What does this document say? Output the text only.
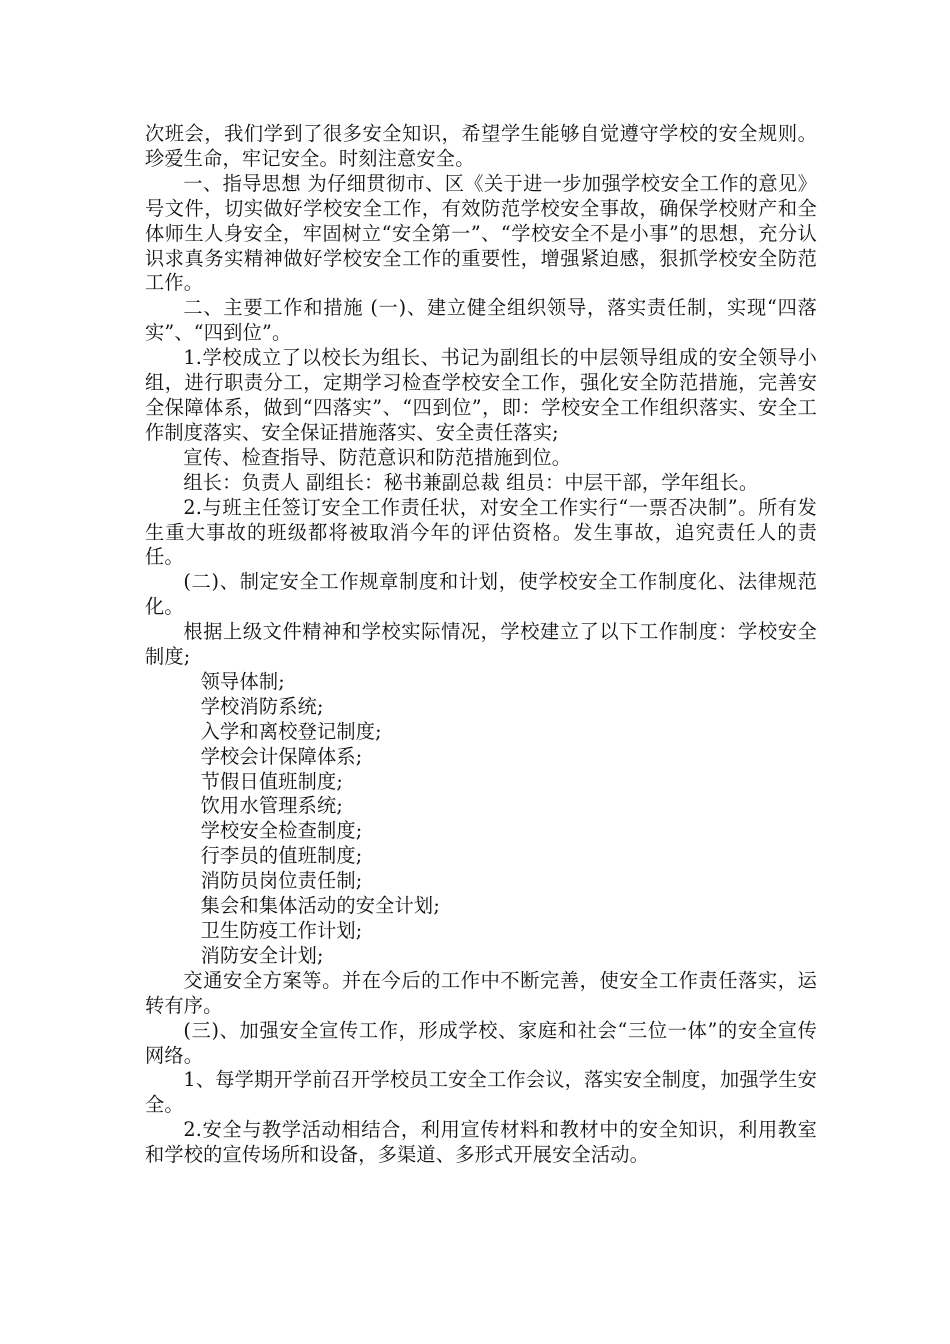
次班会，我们学到了很多安全知识，希望学生能够自觉遵守学校的安全规则。珍爱生命，牢记安全。时刻注意安全。

一、指导思想 为仔细贯彻市、区《关于进一步加强学校安全工作的意见》号文件，切实做好学校安全工作，有效防范学校安全事故，确保学校财产和全体师生人身安全，牢固树立“安全第一”、“学校安全不是小事”的思想，充分认识求真务实精神做好学校安全工作的重要性，增强紧迫感，狠抓学校安全防范工作。

二、主要工作和措施 (一)、建立健全组织领导，落实责任制，实现“四落实”、“四到位”。

1.学校成立了以校长为组长、书记为副组长的中层领导组成的安全领导小组，进行职责分工，定期学习检查学校安全工作，强化安全防范措施，完善安全保障体系，做到“四落实”、“四到位”，即：学校安全工作组织落实、安全工作制度落实、安全保证措施落实、安全责任落实;

宣传、检查指导、防范意识和防范措施到位。

组长：负责人 副组长：秘书兼副总裁 组员：中层干部，学年组长。

2.与班主任签订安全工作责任状，对安全工作实行“一票否决制”。所有发生重大事故的班级都将被取消今年的评估资格。发生事故，追究责任人的责任。

(二)、制定安全工作规章制度和计划，使学校安全工作制度化、法律规范化。

根据上级文件精神和学校实际情况，学校建立了以下工作制度：学校安全制度;

领导体制;

学校消防系统;

入学和离校登记制度;

学校会计保障体系;

节假日值班制度;

饮用水管理系统;

学校安全检查制度;

行李员的值班制度;

消防员岗位责任制;

集会和集体活动的安全计划;

卫生防疫工作计划;

消防安全计划;

交通安全方案等。并在今后的工作中不断完善，使安全工作责任落实，运转有序。

(三)、加强安全宣传工作，形成学校、家庭和社会“三位一体”的安全宣传网络。

1、每学期开学前召开学校员工安全工作会议，落实安全制度，加强学生安全。

2.安全与教学活动相结合，利用宣传材料和教材中的安全知识，利用教室和学校的宣传场所和设备，多渠道、多形式开展安全活动。
